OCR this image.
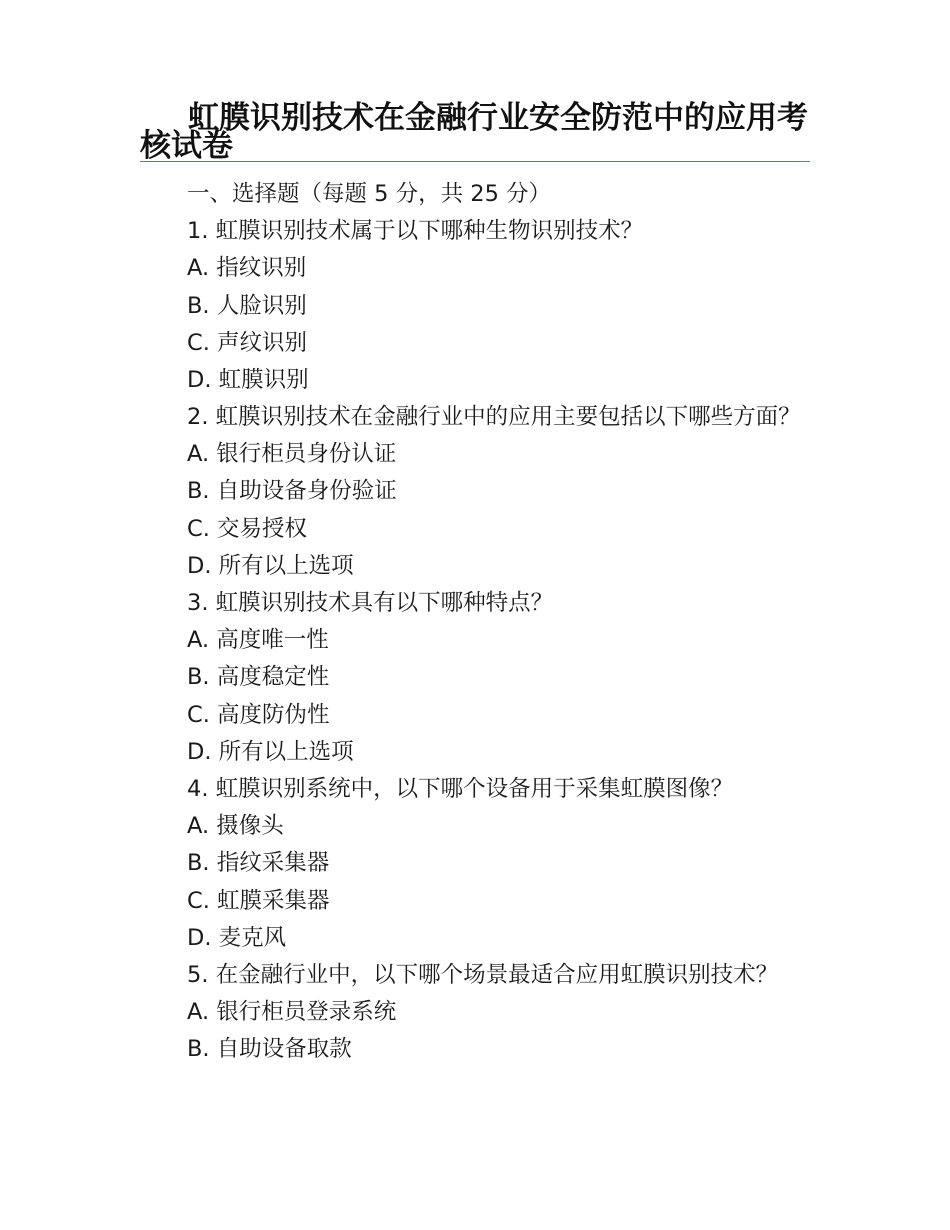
虹膜识别技术在金融行业安全防范中的应用考核试卷
一、选择题（每题 5 分，共 25 分）
1. 虹膜识别技术属于以下哪种生物识别技术？
A. 指纹识别
B. 人脸识别
C. 声纹识别
D. 虹膜识别
2. 虹膜识别技术在金融行业中的应用主要包括以下哪些方面？
A. 银行柜员身份认证
B. 自助设备身份验证
C. 交易授权
D. 所有以上选项
3. 虹膜识别技术具有以下哪种特点？
A. 高度唯一性
B. 高度稳定性
C. 高度防伪性
D. 所有以上选项
4. 虹膜识别系统中，以下哪个设备用于采集虹膜图像？
A. 摄像头
B. 指纹采集器
C. 虹膜采集器
D. 麦克风
5. 在金融行业中，以下哪个场景最适合应用虹膜识别技术？
A. 银行柜员登录系统
B. 自助设备取款
